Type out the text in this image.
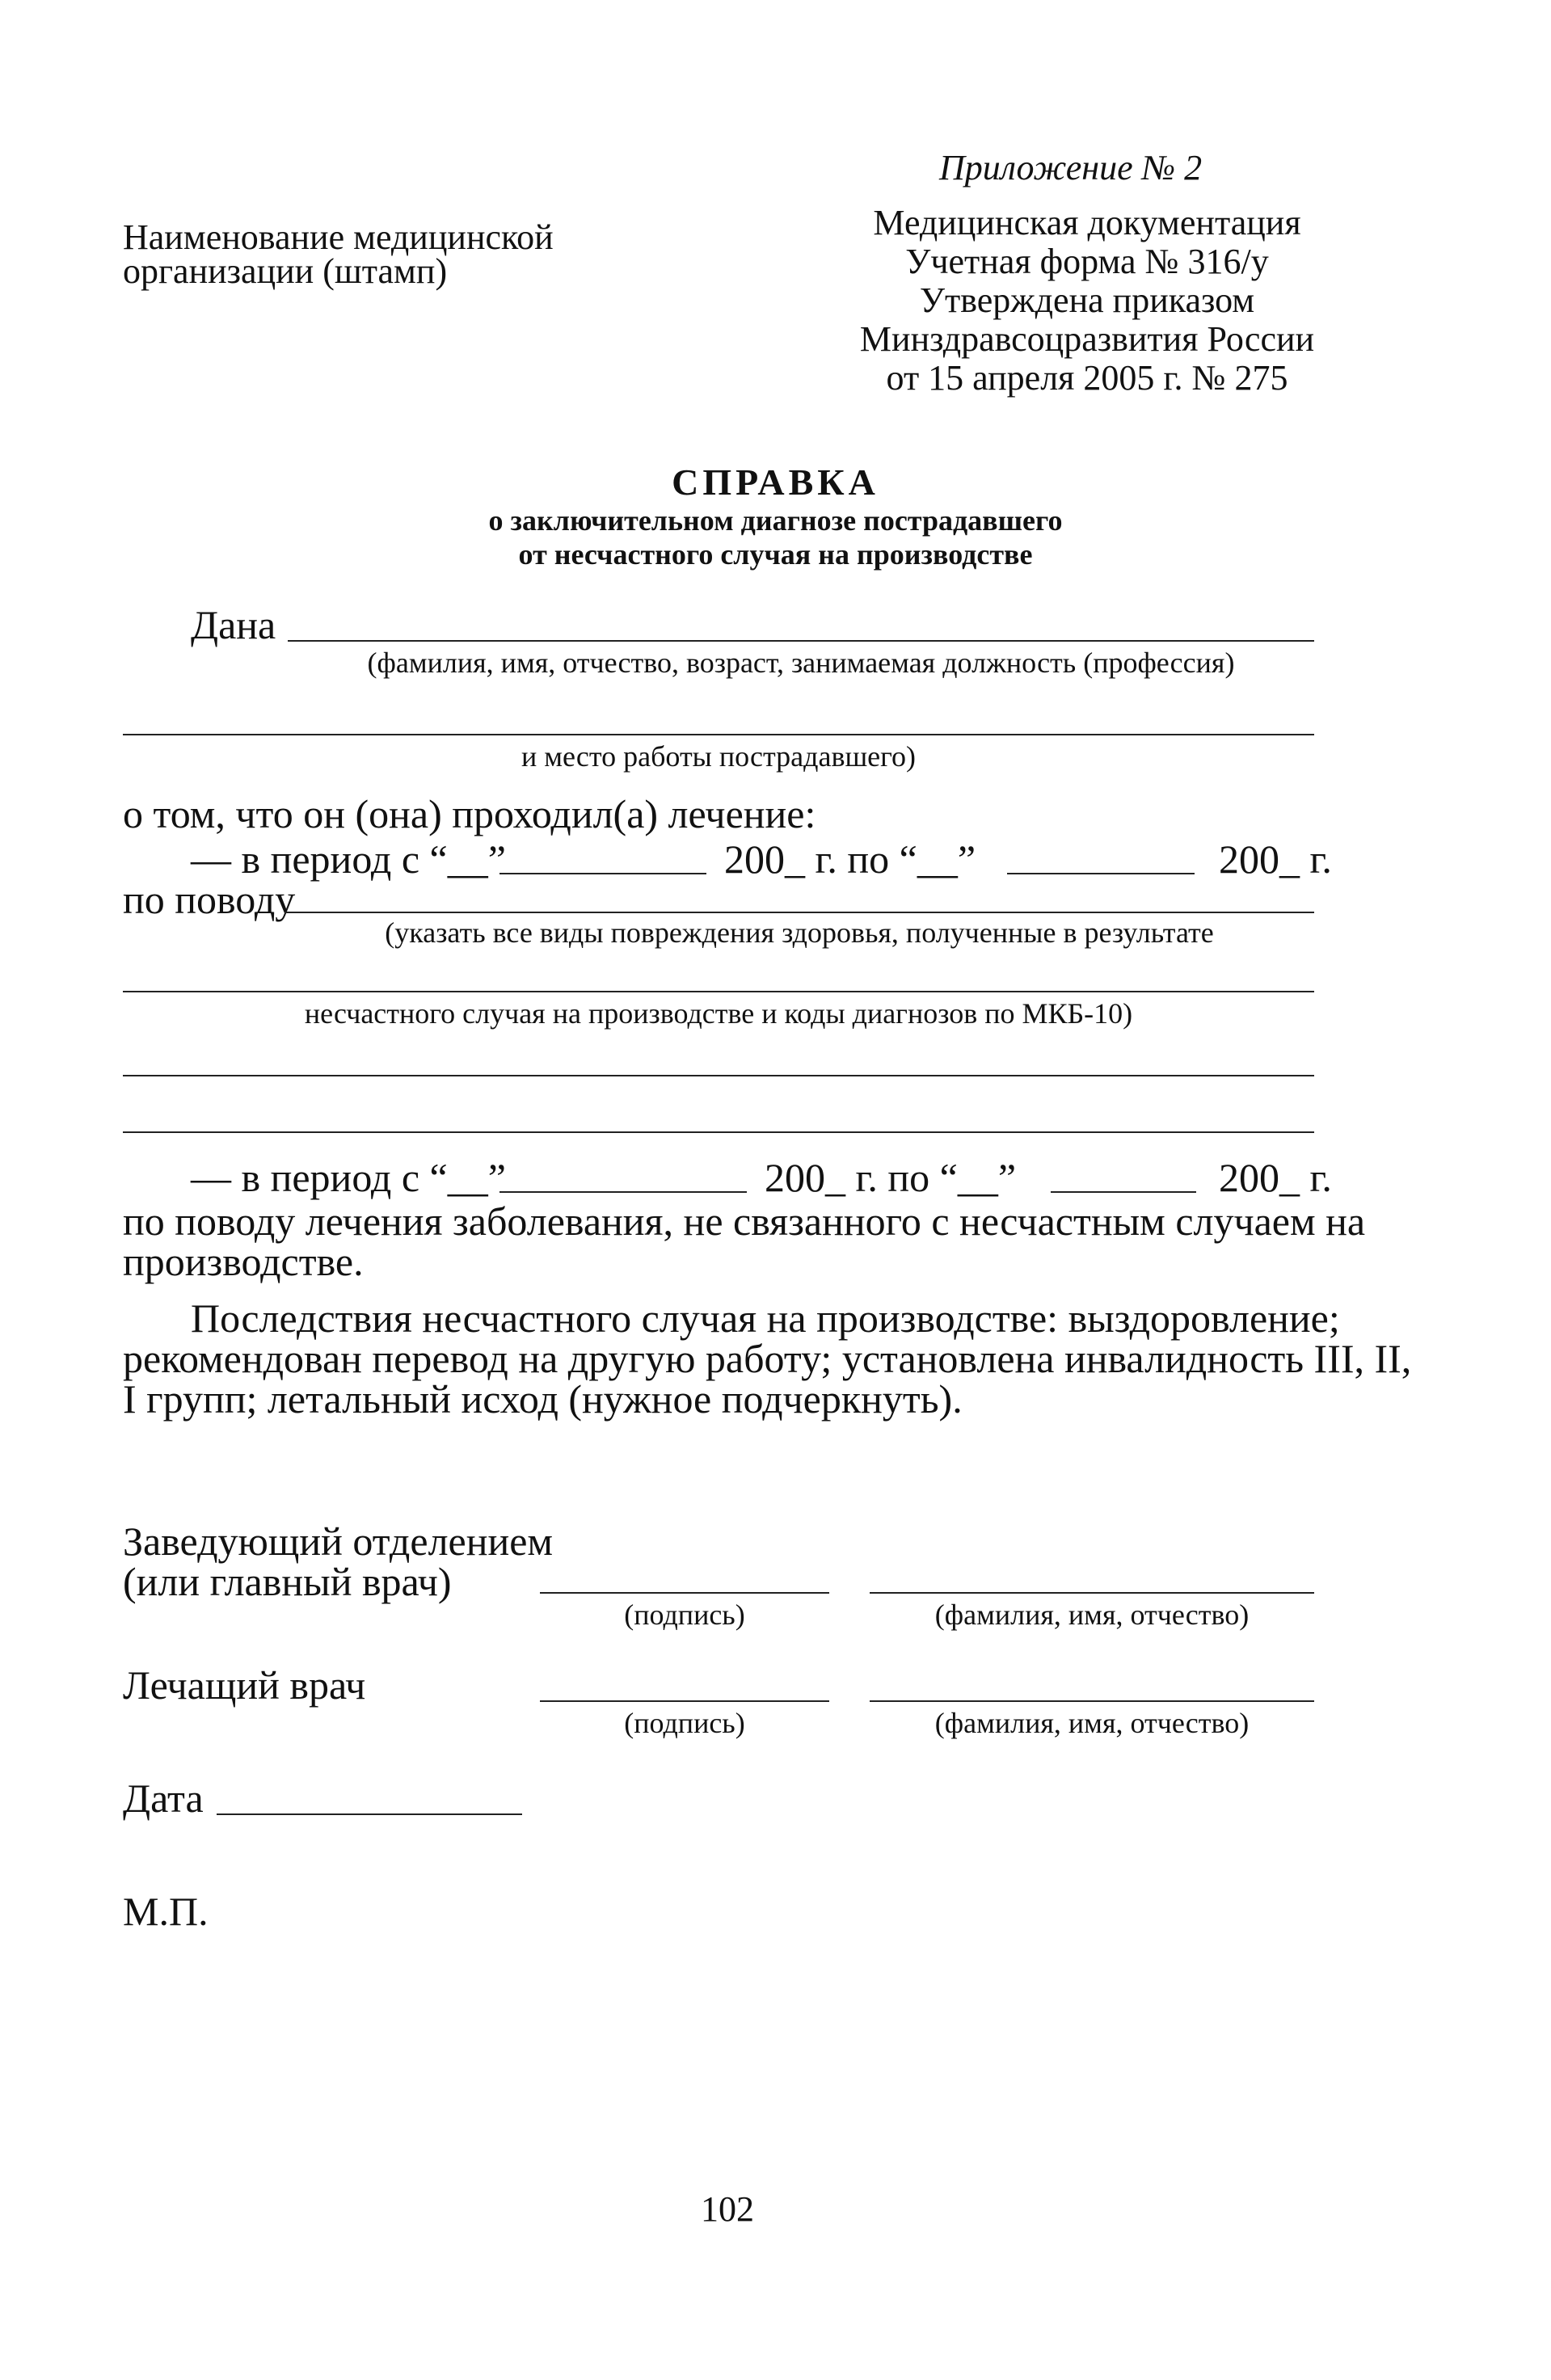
Приложение № 2
Наименование медицинской
организации (штамп)
Медицинская документация
Учетная форма № 316/у
Утверждена приказом
Минздравсоцразвития России
от 15 апреля 2005 г. № 275
СПРАВКА
о заключительном диагнозе пострадавшего
от несчастного случая на производстве
Дана
(фамилия, имя, отчество, возраст, занимаемая должность (профессия)
и место работы пострадавшего)
о том, что он (она) проходил(а) лечение:
— в период с “__”	200_ г. по “__”	200_ г.
по поводу
(указать все виды повреждения здоровья, полученные в результате
несчастного случая на производстве и коды диагнозов по МКБ-10)
— в период с “__”	200_ г. по “__”	200_ г.
по поводу лечения заболевания, не связанного с несчастным случаем на
производстве.
Последствия несчастного случая на производстве: выздоровление;
рекомендован перевод на другую работу; установлена инвалидность III, II,
I групп; летальный исход (нужное подчеркнуть).
Заведующий отделением
(или главный врач)
(подпись)	(фамилия, имя, отчество)
Лечащий врач
(подпись)	(фамилия, имя, отчество)
Дата
М.П.
102
